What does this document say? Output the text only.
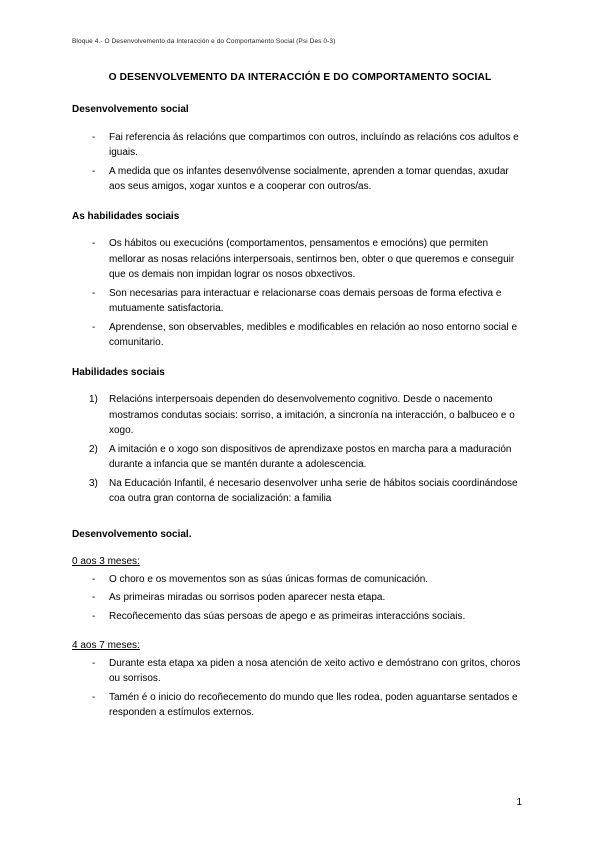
Bloque 4.- O Desenvolvemento da Interacción e do Comportamento Social (Psi Des 0-3)
O DESENVOLVEMENTO DA INTERACCIÓN E DO COMPORTAMENTO SOCIAL
Desenvolvemento social
- Fai referencia ás relacións que compartimos con outros, incluíndo as relacións cos adultos e iguais.
- A medida que os infantes desenvólvense socialmente, aprenden a tomar quendas, axudar aos seus amigos, xogar xuntos e a cooperar con outros/as.
As habilidades sociais
- Os hábitos ou execucións (comportamentos, pensamentos e emocións) que permiten mellorar as nosas relacións interpersoais, sentirnos ben, obter o que queremos e conseguir que os demais non impidan lograr os nosos obxectivos.
- Son necesarias para interactuar e relacionarse coas demais persoas de forma efectiva e mutuamente satisfactoria.
- Aprendense, son observables, medibles e modificables en relación ao noso entorno social e comunitario.
Habilidades sociais
1) Relacións interpersoais dependen do desenvolvemento cognitivo. Desde o nacemento mostramos condutas sociais: sorriso, a imitación, a sincronía na interacción, o balbuceo e o xogo.
2) A imitación e o xogo son dispositivos de aprendizaxe postos en marcha para a maduración durante a infancia que se mantén durante a adolescencia.
3) Na Educación Infantil, é necesario desenvolver unha serie de hábitos sociais coordinándose coa outra gran contorna de socialización: a familia
Desenvolvemento social.
0 aos 3 meses:
- O choro e os movementos son as súas únicas formas de comunicación.
- As primeiras miradas ou sorrisos poden aparecer nesta etapa.
- Recoñecemento das súas persoas de apego e as primeiras interaccións sociais.
4 aos 7 meses:
- Durante esta etapa xa piden a nosa atención de xeito activo e demóstrano con gritos, choros ou sorrisos.
- Tamén é o inicio do recoñecemento do mundo que lles rodea, poden aguantarse sentados e responden a estímulos externos.
1
